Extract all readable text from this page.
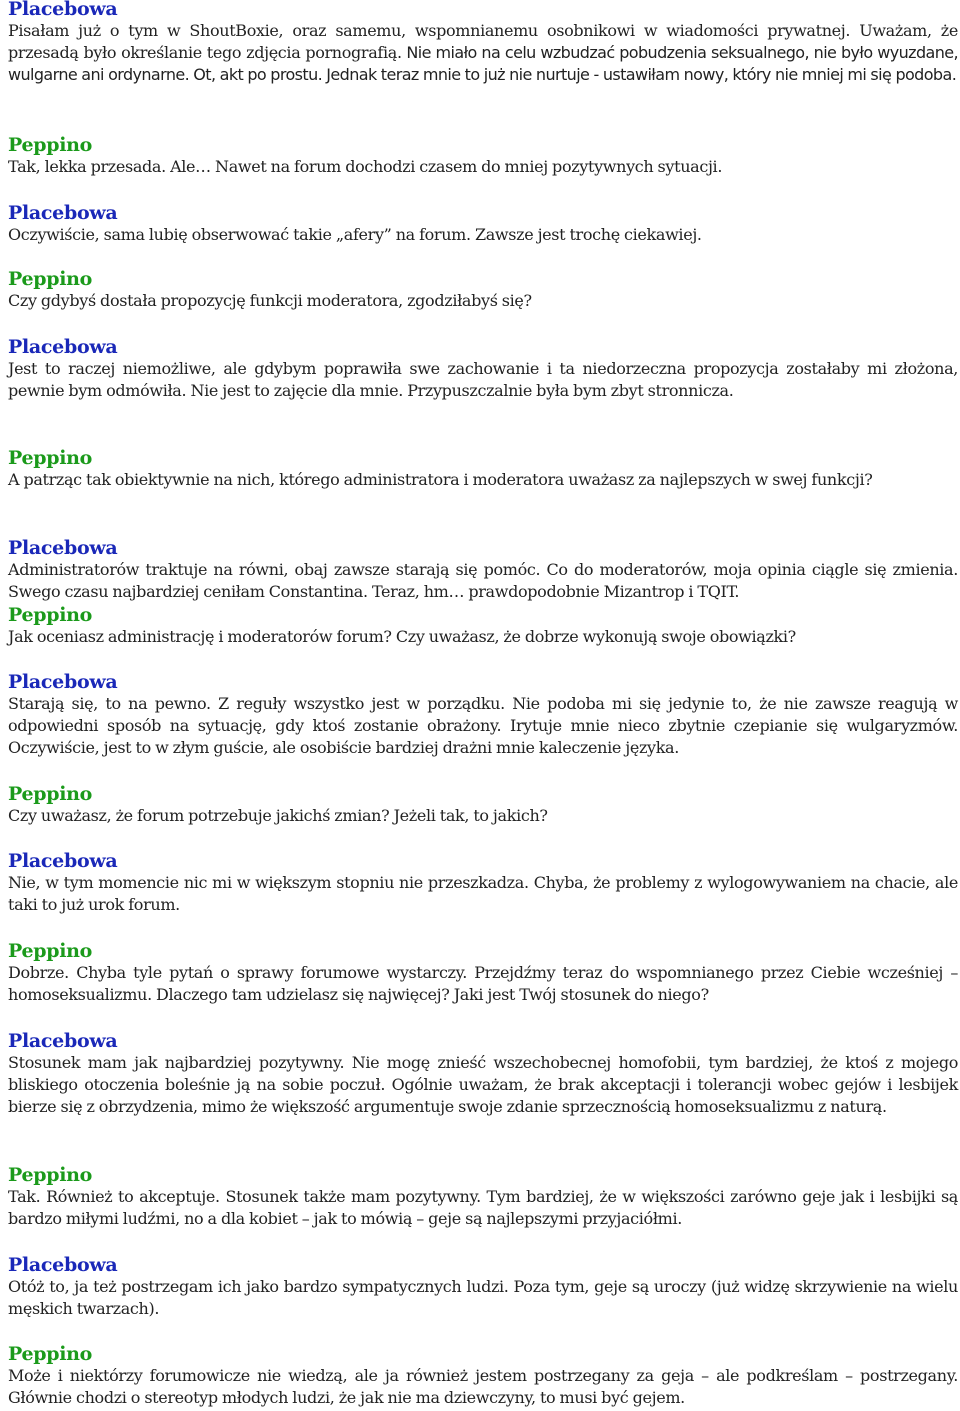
Placebowa

Pisałam już o tym w ShoutBoxie, oraz samemu, wspomnianemu osobnikowi w wiadomości prywatnej. Uważam, że przesadą było określanie tego zdjęcia pornografią. Nie miało na celu wzbudzać pobudzenia seksualnego, nie było wyuzdane, wulgarne ani ordynarne. Ot, akt po prostu. Jednak teraz mnie to już nie nurtuje - ustawiłam nowy, który nie mniej mi się podoba.

Peppino

Tak, lekka przesada. Ale… Nawet na forum dochodzi czasem do mniej pozytywnych sytuacji.

Placebowa

Oczywiście, sama lubię obserwować takie „afery” na forum. Zawsze jest trochę ciekawiej.

Peppino

Jak oceniasz administrację i moderatorów forum? Czy uważasz, że dobrze wykonują swoje obowiązki?

Placebowa

Starają się, to na pewno. Z reguły wszystko jest w porządku. Nie podoba mi się jedynie to, że nie zawsze reagują w odpowiedni sposób na sytuację, gdy ktoś zostanie obrażony. Irytuje mnie nieco zbytnie czepianie się wulgaryzmów. Oczywiście, jest to w złym guście, ale osobiście bardziej drażni mnie kaleczenie języka.

Peppino

A patrząc tak obiektywnie na nich, którego administratora i moderatora uważasz za najlepszych w swej funkcji?

Placebowa

Administratorów traktuje na równi, obaj zawsze starają się pomóc. Co do moderatorów, moja opinia ciągle się zmienia. Swego czasu najbardziej ceniłam Constantina. Teraz, hm… prawdopodobnie Mizantrop i TQIT.

Peppino

Czy gdybyś dostała propozycję funkcji moderatora, zgodziłabyś się?

Placebowa

Jest to raczej niemożliwe, ale gdybym poprawiła swe zachowanie i ta niedorzeczna propozycja zostałaby mi złożona, pewnie bym odmówiła. Nie jest to zajęcie dla mnie. Przypuszczalnie była bym zbyt stronnicza.

Peppino

Czy uważasz, że forum potrzebuje jakichś zmian? Jeżeli tak, to jakich?

Placebowa

Nie, w tym momencie nic mi w większym stopniu nie przeszkadza. Chyba, że problemy z wylogowywaniem na chacie, ale taki to już urok forum.

Peppino

Dobrze. Chyba tyle pytań o sprawy forumowe wystarczy. Przejdźmy teraz do wspomnianego przez Ciebie wcześniej – homoseksualizmu. Dlaczego tam udzielasz się najwięcej? Jaki jest Twój stosunek do niego?

Placebowa

Stosunek mam jak najbardziej pozytywny. Nie mogę znieść wszechobecnej homofobii, tym bardziej, że ktoś z mojego bliskiego otoczenia boleśnie ją na sobie poczuł. Ogólnie uważam, że brak akceptacji i tolerancji wobec gejów i lesbijek bierze się z obrzydzenia, mimo że większość argumentuje swoje zdanie sprzecznością homoseksualizmu z naturą.

Peppino

Tak. Również to akceptuje. Stosunek także mam pozytywny. Tym bardziej, że w większości zarówno geje jak i lesbijki są bardzo miłymi ludźmi, no a dla kobiet – jak to mówią – geje są najlepszymi przyjaciółmi.

Placebowa

Otóż to, ja też postrzegam ich jako bardzo sympatycznych ludzi. Poza tym, geje są uroczy (już widzę skrzywienie na wielu męskich twarzach).

Peppino

Może i niektórzy forumowicze nie wiedzą, ale ja również jestem postrzegany za geja – ale podkreślam – postrzegany. Głównie chodzi o stereotyp młodych ludzi, że jak nie ma dziewczyny, to musi być gejem.
